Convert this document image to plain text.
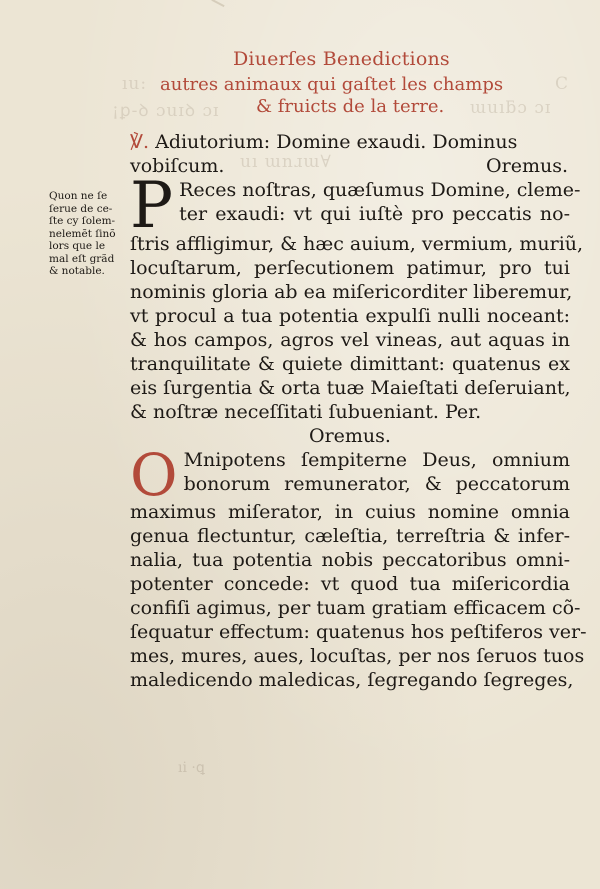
Diuerſes Benedictions
ıu:	C
¡ꝑ-ꝺ ɔuɪꝺ ɔɪ	ɯuıƃɔ ɔɪ
uı ɯnɹɯ∀
autres animaux qui gaſtet les champs
& fruicts de la terre.
Quon ne ſe
ſerue de ce-
ſte cy ſolem-
nelemẽt ſinõ
lors que le
mal eſt grãd
& notable.
℣. Adiutorium: Domine exaudi. Dominus
vobiſcum.	Oremus.
P Reces noſtras, quæſumus Domine, cleme-
ter exaudi: vt qui iuſtè pro peccatis no-
ſtris affligimur, & hæc auium, vermium, muriũ,
locuſtarum, perſecutionem patimur, pro tui
nominis gloria ab ea miſericorditer liberemur,
vt procul a tua potentia expulſi nulli noceant:
& hos campos, agros vel vineas, aut aquas in
tranquilitate & quiete dimittant: quatenus ex
eis ſurgentia & orta tuæ Maieſtati deſeruiant,
& noſtræ neceſſitati ſubueniant. Per.
Oremus.
O Mnipotens ſempiterne Deus, omnium
bonorum remunerator, & peccatorum
maximus miſerator, in cuius nomine omnia
genua flectuntur, cæleſtia, terreſtria & infer-
nalia, tua potentia nobis peccatoribus omni-
potenter concede: vt quod tua miſericordia
confiſi agimus, per tuam gratiam efficacem cõ-
ſequatur effectum: quatenus hos peſtiferos ver-
mes, mures, aues, locuſtas, per nos ſeruos tuos
maledicendo maledicas, ſegregando ſegreges,
ıi ·ꝗ
